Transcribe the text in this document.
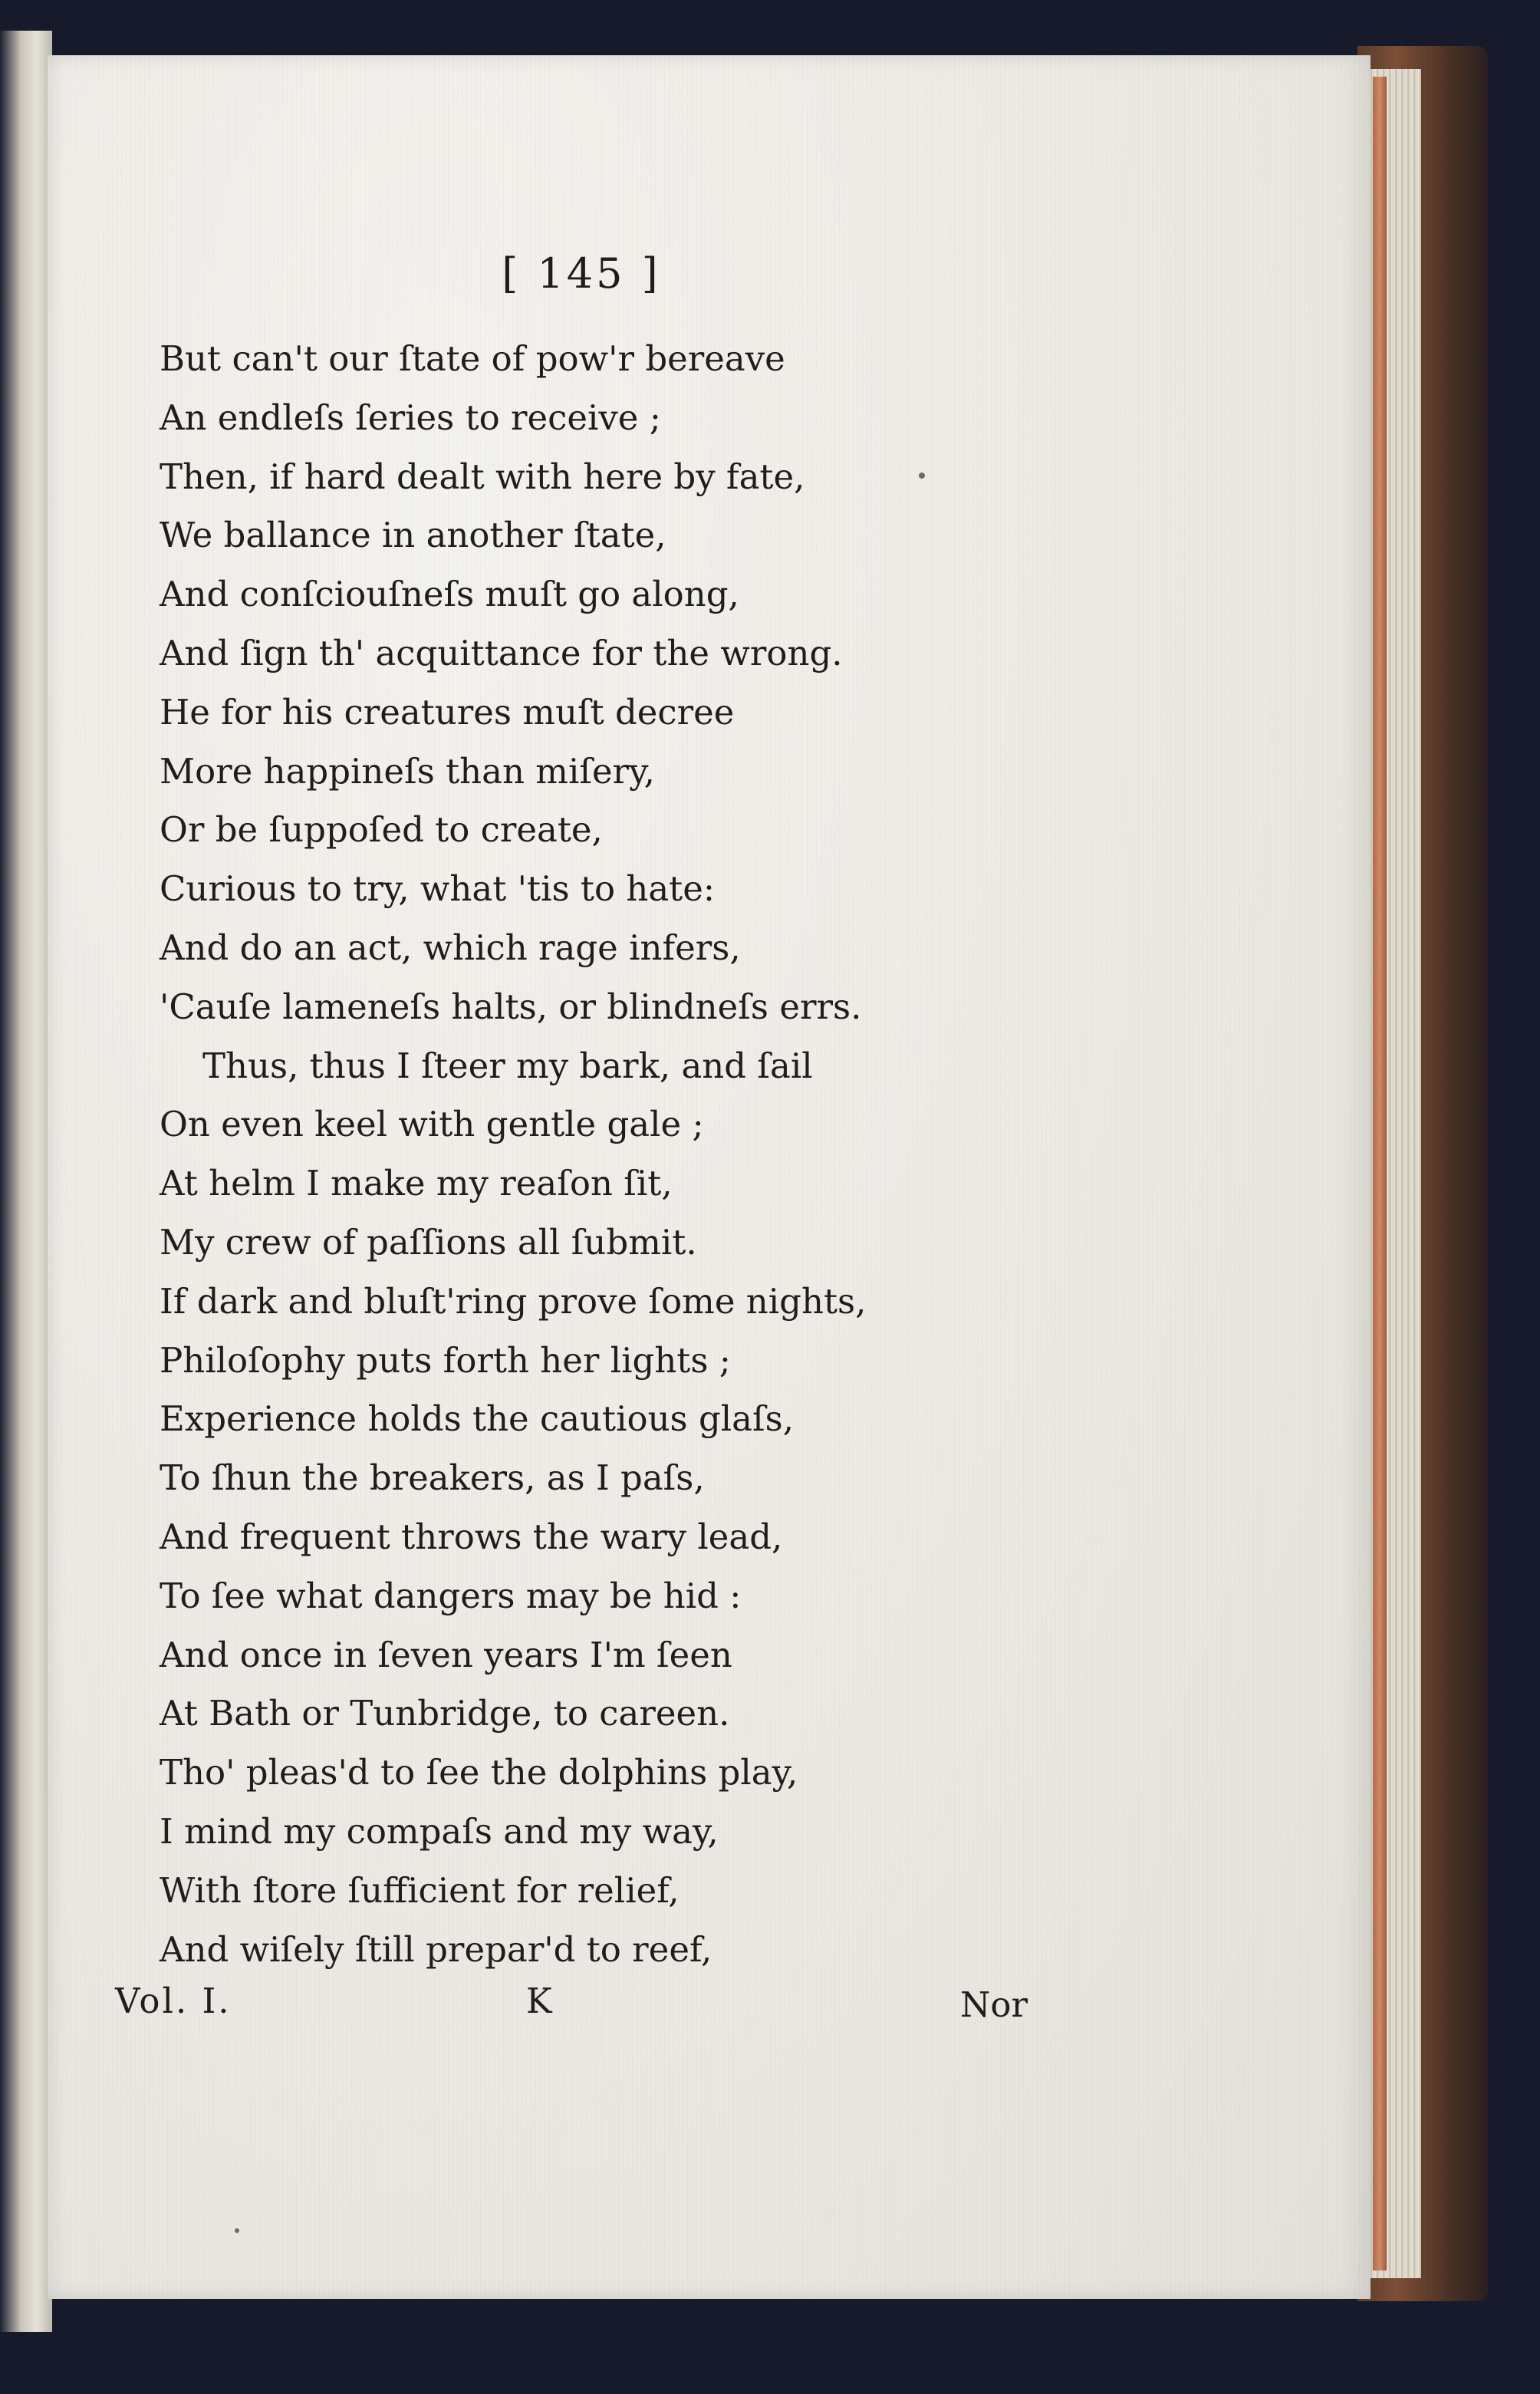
[ 145 ]
But can't our ſtate of pow'r bereave
An endleſs ſeries to receive ;
Then, if hard dealt with here by fate,
We ballance in another ſtate,
And conſciouſneſs muſt go along,
And ſign th' acquittance for the wrong.
He for his creatures muſt decree
More happineſs than miſery,
Or be ſuppoſed to create,
Curious to try, what 'tis to hate:
And do an act, which rage infers,
'Cauſe lameneſs halts, or blindneſs errs.
Thus, thus I ſteer my bark, and ſail
On even keel with gentle gale ;
At helm I make my reaſon ſit,
My crew of paſſions all ſubmit.
If dark and bluſt'ring prove ſome nights,
Philoſophy puts forth her lights ;
Experience holds the cautious glaſs,
To ſhun the breakers, as I paſs,
And frequent throws the wary lead,
To ſee what dangers may be hid :
And once in ſeven years I'm ſeen
At Bath or Tunbridge, to careen.
Tho' pleas'd to ſee the dolphins play,
I mind my compaſs and my way,
With ſtore ſufficient for relief,
And wiſely ſtill prepar'd to reef,
Vol. I.	K	Nor
